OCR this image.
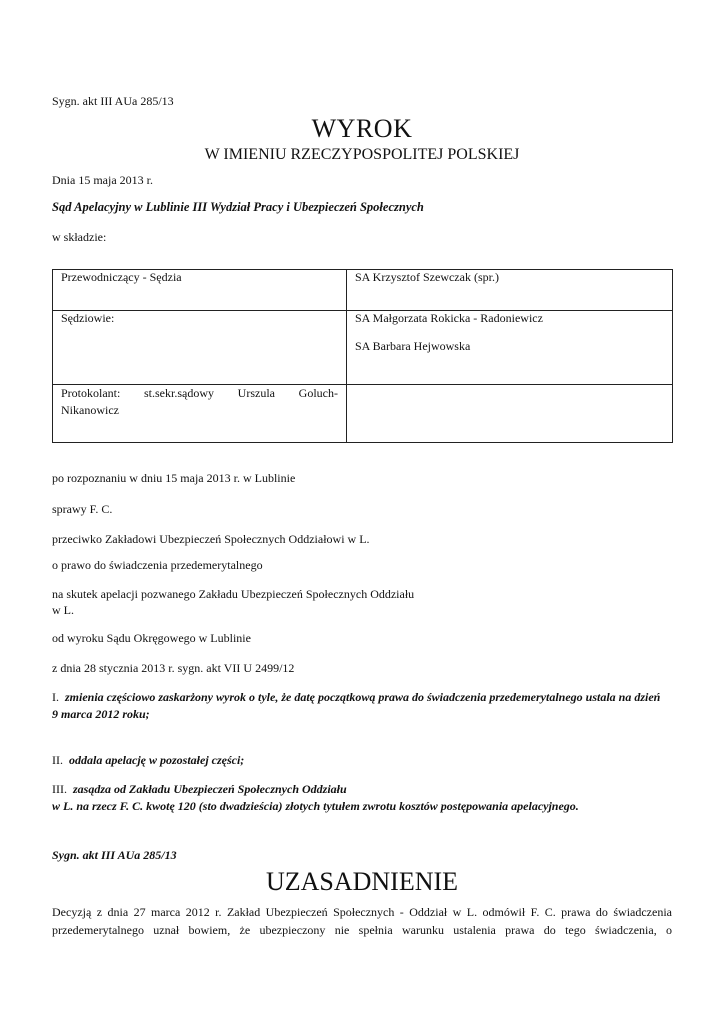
Sygn. akt III AUa 285/13
WYROK
W IMIENIU RZECZYPOSPOLITEJ POLSKIEJ
Dnia 15 maja 2013 r.
Sąd Apelacyjny w Lublinie III Wydział Pracy i Ubezpieczeń Społecznych
w składzie:
Przewodniczący - Sędzia	SA Krzysztof Szewczak (spr.)
Sędziowie:	SA Małgorzata Rokicka - Radoniewicz
SA Barbara Hejwowska

Protokolant: st.sekr.sądowy Urszula Goluch-
Nikanowicz	

po rozpoznaniu w dniu 15 maja 2013 r. w Lublinie
sprawy F. C.
przeciwko Zakładowi Ubezpieczeń Społecznych Oddziałowi w L.
o prawo do świadczenia przedemerytalnego
na skutek apelacji pozwanego Zakładu Ubezpieczeń Społecznych Oddziału
w L.
od wyroku Sądu Okręgowego w Lublinie
z dnia 28 stycznia 2013 r. sygn. akt VII U 2499/12
I. zmienia częściowo zaskarżony wyrok o tyle, że datę początkową prawa do świadczenia przedemerytalnego ustala na dzień
9 marca 2012 roku;
II. oddala apelację w pozostałej części;
III. zasądza od Zakładu Ubezpieczeń Społecznych Oddziału
w L. na rzecz F. C. kwotę 120 (sto dwadzieścia) złotych tytułem zwrotu kosztów postępowania apelacyjnego.
Sygn. akt III AUa 285/13
UZASADNIENIE
Decyzją z dnia 27 marca 2012 r. Zakład Ubezpieczeń Społecznych - Oddział w L. odmówił F. C. prawa do świadczenia przedemerytalnego uznał bowiem, że ubezpieczony nie spełnia warunku ustalenia prawa do tego świadczenia, o
